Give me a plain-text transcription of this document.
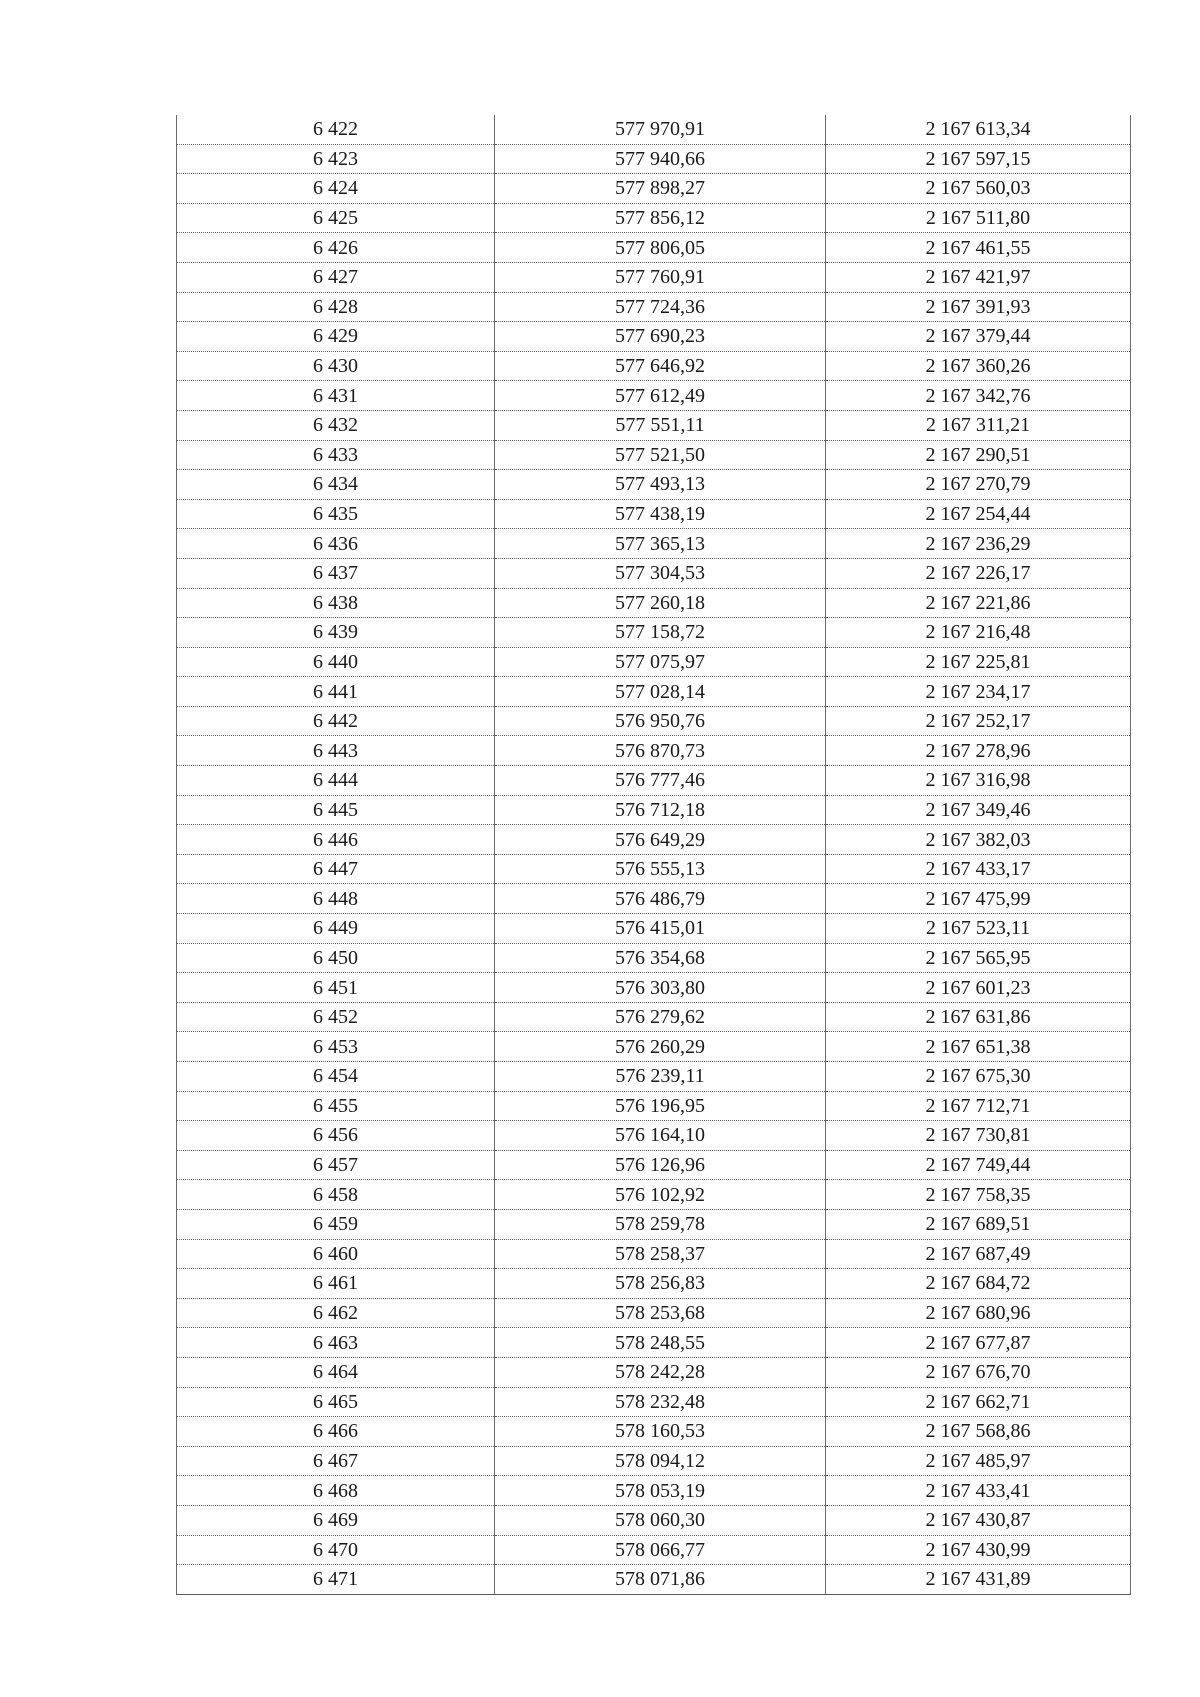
6 422	577 970,91	2 167 613,34
6 423	577 940,66	2 167 597,15
6 424	577 898,27	2 167 560,03
6 425	577 856,12	2 167 511,80
6 426	577 806,05	2 167 461,55
6 427	577 760,91	2 167 421,97
6 428	577 724,36	2 167 391,93
6 429	577 690,23	2 167 379,44
6 430	577 646,92	2 167 360,26
6 431	577 612,49	2 167 342,76
6 432	577 551,11	2 167 311,21
6 433	577 521,50	2 167 290,51
6 434	577 493,13	2 167 270,79
6 435	577 438,19	2 167 254,44
6 436	577 365,13	2 167 236,29
6 437	577 304,53	2 167 226,17
6 438	577 260,18	2 167 221,86
6 439	577 158,72	2 167 216,48
6 440	577 075,97	2 167 225,81
6 441	577 028,14	2 167 234,17
6 442	576 950,76	2 167 252,17
6 443	576 870,73	2 167 278,96
6 444	576 777,46	2 167 316,98
6 445	576 712,18	2 167 349,46
6 446	576 649,29	2 167 382,03
6 447	576 555,13	2 167 433,17
6 448	576 486,79	2 167 475,99
6 449	576 415,01	2 167 523,11
6 450	576 354,68	2 167 565,95
6 451	576 303,80	2 167 601,23
6 452	576 279,62	2 167 631,86
6 453	576 260,29	2 167 651,38
6 454	576 239,11	2 167 675,30
6 455	576 196,95	2 167 712,71
6 456	576 164,10	2 167 730,81
6 457	576 126,96	2 167 749,44
6 458	576 102,92	2 167 758,35
6 459	578 259,78	2 167 689,51
6 460	578 258,37	2 167 687,49
6 461	578 256,83	2 167 684,72
6 462	578 253,68	2 167 680,96
6 463	578 248,55	2 167 677,87
6 464	578 242,28	2 167 676,70
6 465	578 232,48	2 167 662,71
6 466	578 160,53	2 167 568,86
6 467	578 094,12	2 167 485,97
6 468	578 053,19	2 167 433,41
6 469	578 060,30	2 167 430,87
6 470	578 066,77	2 167 430,99
6 471	578 071,86	2 167 431,89
